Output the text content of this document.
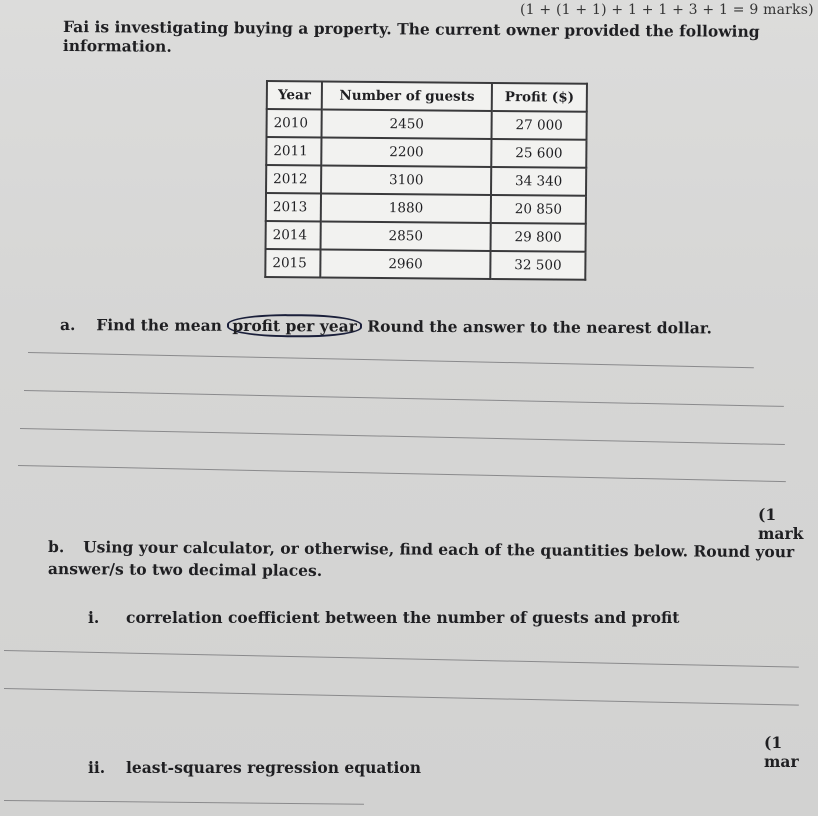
(1 + (1 + 1) + 1 + 1 + 3 + 1 = 9 marks)
Fai is investigating buying a property. The current owner provided the following information.
Year	Number of guests	Profit ($)
2010	2450	27 000
2011	2200	25 600
2012	3100	34 340
2013	1880	20 850
2014	2850	29 800
2015	2960	32 500
a. Find the mean profit per year Round the answer to the nearest dollar.
(1 mark
b. Using your calculator, or otherwise, find each of the quantities below. Round your answer/s to two decimal places.
i. correlation coefficient between the number of guests and profit
(1 mar
ii. least-squares regression equation
